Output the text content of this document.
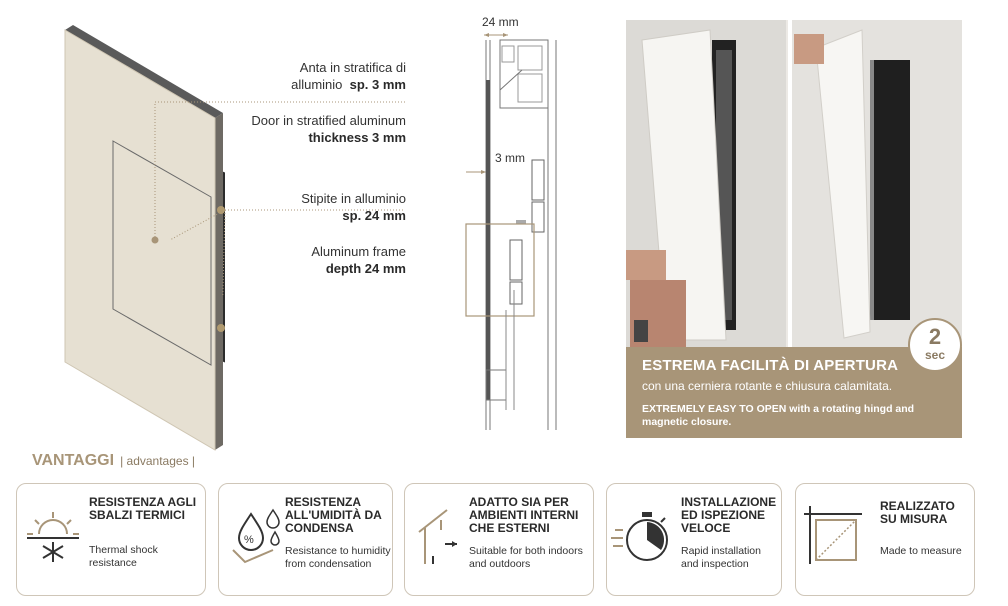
Anta in stratifica di
alluminio sp. 3 mm
Door in stratified aluminum
thickness 3 mm
Stipite in alluminio
sp. 24 mm
Aluminum frame
depth 24 mm
24 mm
3 mm
ESTREMA FACILITÀ DI APERTURA
con una cerniera rotante e chiusura calamitata.
EXTREMELY EASY TO OPEN with a rotating hingd and magnetic closure.
2
sec
VANTAGGI | advantages |
RESISTENZA AGLI SBALZI TERMICI
Thermal shock resistance
%
RESISTENZA ALL'UMIDITÀ DA CONDENSA
Resistance to humidity from condensation
ADATTO SIA PER AMBIENTI INTERNI CHE ESTERNI
Suitable for both indoors and outdoors
INSTALLAZIONE ED ISPEZIONE VELOCE
Rapid installation and inspection
REALIZZATO SU MISURA
Made to measure
